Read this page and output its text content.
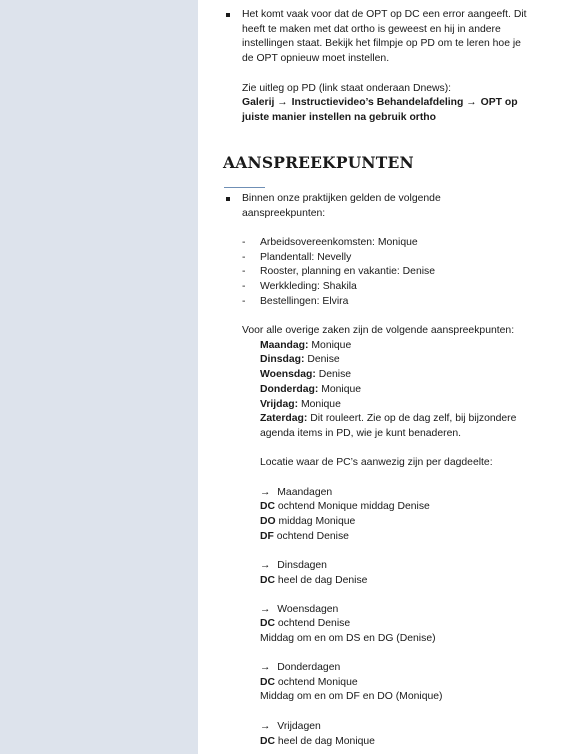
Het komt vaak voor dat de OPT op DC een error aangeeft. Dit
heeft te maken met dat ortho is geweest en hij in andere
instellingen staat. Bekijk het filmpje op PD om te leren hoe je
de OPT opnieuw moet instellen.
Zie uitleg op PD (link staat onderaan Dnews):
Galerij → Instructievideo’s Behandelafdeling → OPT op
juiste manier instellen na gebruik ortho
AANSPREEKPUNTEN
Binnen onze praktijken gelden de volgende
aanspreekpunten:
- Arbeidsovereenkomsten: Monique
- Plandentall: Nevelly
- Rooster, planning en vakantie: Denise
- Werkkleding: Shakila
- Bestellingen: Elvira
Voor alle overige zaken zijn de volgende aanspreekpunten:
Maandag: Monique
Dinsdag: Denise
Woensdag: Denise
Donderdag: Monique
Vrijdag: Monique
Zaterdag: Dit rouleert. Zie op de dag zelf, bij bijzondere
agenda items in PD, wie je kunt benaderen.
Locatie waar de PC’s aanwezig zijn per dagdeelte:
→ Maandagen
DC ochtend Monique middag Denise
DO middag Monique
DF ochtend Denise
→ Dinsdagen
DC heel de dag Denise
→ Woensdagen
DC ochtend Denise
Middag om en om DS en DG (Denise)
→ Donderdagen
DC ochtend Monique
Middag om en om DF en DO (Monique)
→ Vrijdagen
DC heel de dag Monique
